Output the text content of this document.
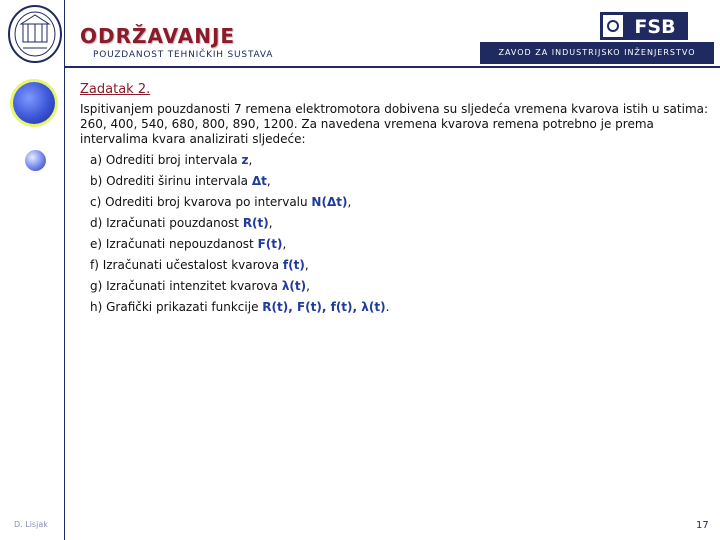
D. Lisjak
ODRŽAVANJE
POUZDANOST TEHNIČKIH SUSTAVA
FSB
ZAVOD ZA INDUSTRIJSKO INŽENJERSTVO
Zadatak 2.

Ispitivanjem pouzdanosti 7 remena elektromotora dobivena su sljedeća vremena kvarova istih u satima: 260, 400, 540, 680, 800, 890, 1200. Za navedena vremena kvarova remena potrebno je prema intervalima kvara analizirati sljedeće:

a) Odrediti broj intervala z,
b) Odrediti širinu intervala Δt,
c) Odrediti broj kvarova po intervalu N(Δt),
d) Izračunati pouzdanost R(t),
e) Izračunati nepouzdanost F(t),
f) Izračunati učestalost kvarova f(t),
g) Izračunati intenzitet kvarova λ(t),
h) Grafički prikazati funkcije R(t), F(t), f(t), λ(t).
17
